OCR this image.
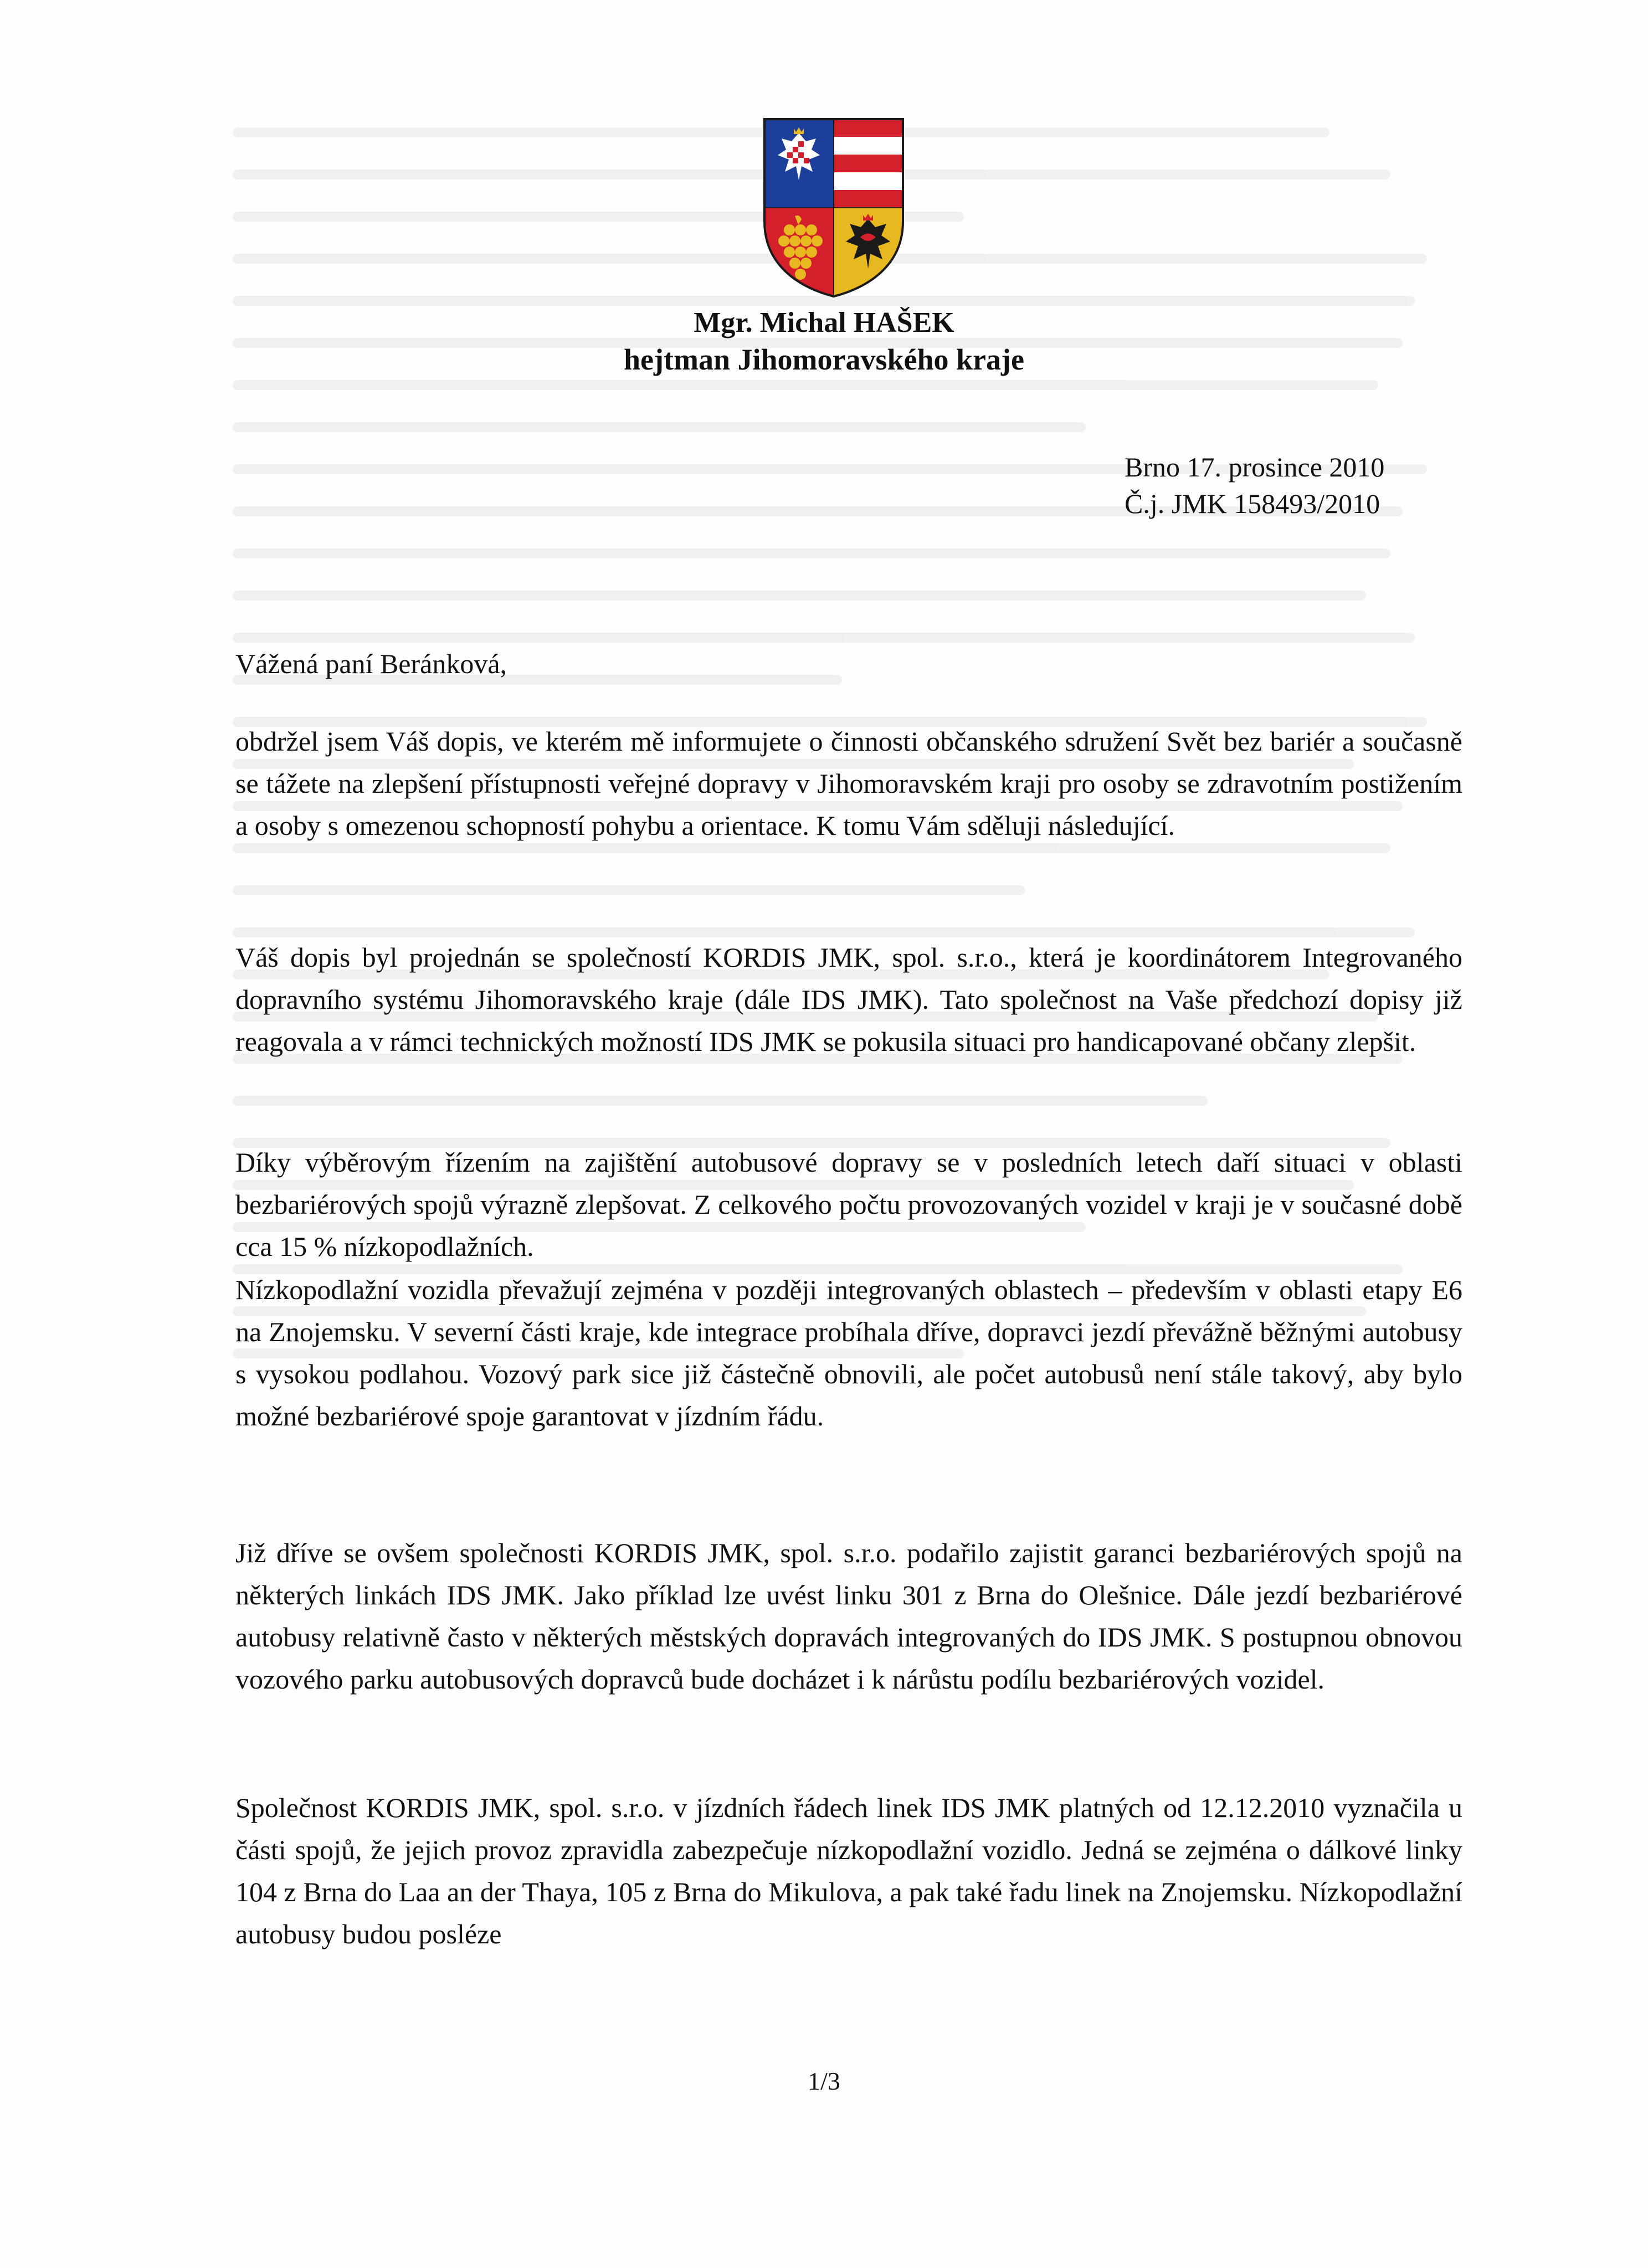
Mgr. Michal HAŠEK
hejtman Jihomoravského kraje
Brno 17. prosince 2010
Č.j. JMK 158493/2010

Vážená paní Beránková,

obdržel jsem Váš dopis, ve kterém mě informujete o činnosti občanského sdružení Svět bez bariér a současně se tážete na zlepšení přístupnosti veřejné dopravy v Jihomoravském kraji pro osoby se zdravotním postižením a osoby s omezenou schopností pohybu a orientace. K tomu Vám sděluji následující.

Váš dopis byl projednán se společností KORDIS JMK, spol. s.r.o., která je koordinátorem Integrovaného dopravního systému Jihomoravského kraje (dále IDS JMK). Tato společnost na Vaše předchozí dopisy již reagovala a v rámci technických možností IDS JMK se pokusila situaci pro handicapované občany zlepšit.

Díky výběrovým řízením na zajištění autobusové dopravy se v posledních letech daří situaci v oblasti bezbariérových spojů výrazně zlepšovat. Z celkového počtu provozovaných vozidel v kraji je v současné době cca 15 % nízkopodlažních.

Nízkopodlažní vozidla převažují zejména v později integrovaných oblastech – především v oblasti etapy E6 na Znojemsku. V severní části kraje, kde integrace probíhala dříve, dopravci jezdí převážně běžnými autobusy s vysokou podlahou. Vozový park sice již částečně obnovili, ale počet autobusů není stále takový, aby bylo možné bezbariérové spoje garantovat v jízdním řádu.

Již dříve se ovšem společnosti KORDIS JMK, spol. s.r.o. podařilo zajistit garanci bezbariérových spojů na některých linkách IDS JMK. Jako příklad lze uvést linku 301 z Brna do Olešnice. Dále jezdí bezbariérové autobusy relativně často v některých městských dopravách integrovaných do IDS JMK. S postupnou obnovou vozového parku autobusových dopravců bude docházet i k nárůstu podílu bezbariérových vozidel.

Společnost KORDIS JMK, spol. s.r.o. v jízdních řádech linek IDS JMK platných od 12.12.2010 vyznačila u části spojů, že jejich provoz zpravidla zabezpečuje nízkopodlažní vozidlo. Jedná se zejména o dálkové linky 104 z Brna do Laa an der Thaya, 105 z Brna do Mikulova, a pak také řadu linek na Znojemsku. Nízkopodlažní autobusy budou posléze

1/3
